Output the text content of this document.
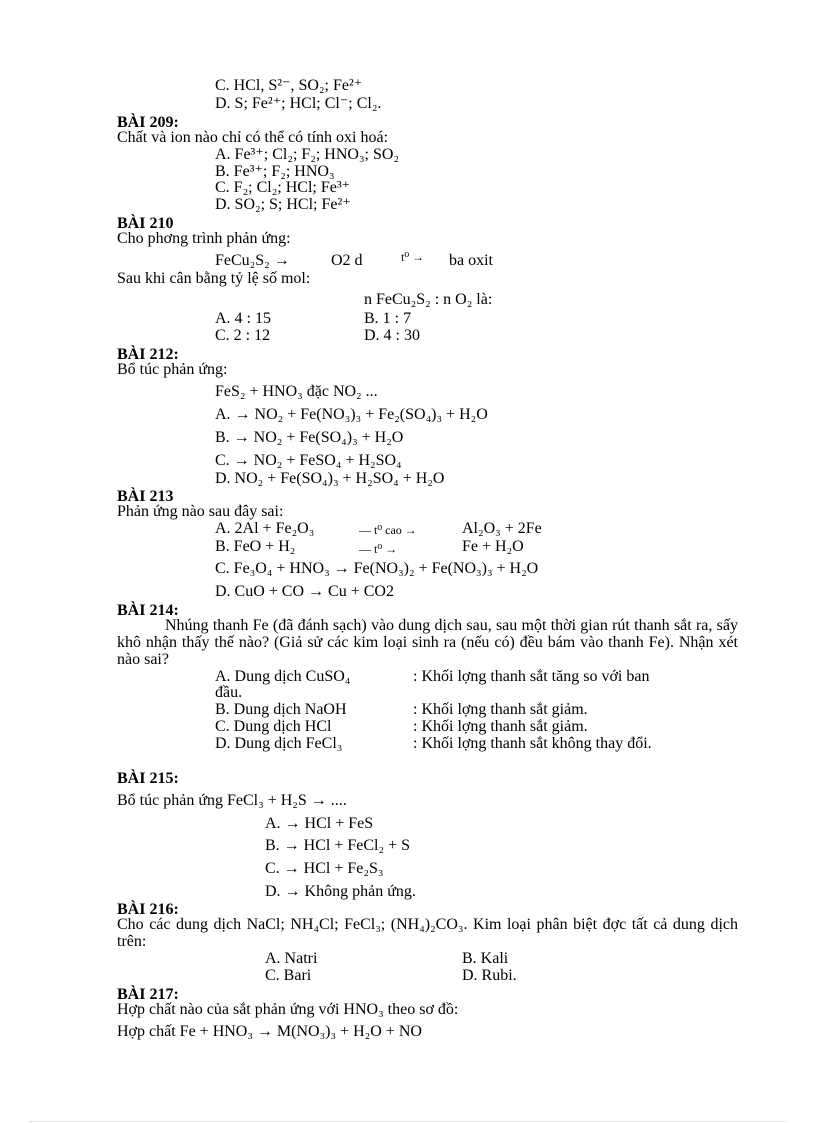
C. HCl, S²⁻, SO₂; Fe²⁺
D. S; Fe²⁺; HCl; Cl⁻; Cl₂.
BÀI 209:
Chất và ion nào chỉ có thể có tính oxi hoá:
A. Fe³⁺; Cl₂; F₂; HNO₃; SO₂
B. Fe³⁺; F₂; HNO₃
C. F₂; Cl₂; HCl; Fe³⁺
D. SO₂; S; HCl; Fe²⁺
BÀI 210
Cho phơng trình phản ứng:
FeCu₂S₂ →	O2 d	t⁰ → ba oxit
Sau khi cân bằng tỷ lệ số mol:
n FeCu₂S₂ : n O₂ là:
A. 4 : 15	B. 1 : 7
C. 2 : 12	D. 4 : 30
BÀI 212:
Bổ túc phản ứng:
FeS₂ + HNO₃ đặc NO₂ ...
A. → NO₂ + Fe(NO₃)₃ + Fe₂(SO₄)₃ + H₂O
B. → NO₂ + Fe(SO₄)₃ + H₂O
C. → NO₂ + FeSO₄ + H₂SO₄
D. NO₂ + Fe(SO₄)₃ + H₂SO₄ + H₂O
BÀI 213
Phản ứng nào sau đây sai:
A. 2Al + Fe₂O₃	— t⁰ cao →	Al₂O₃ + 2Fe
B. FeO + H₂	— t⁰ →	Fe + H₂O
C. Fe₃O₄ + HNO₃ → Fe(NO₃)₂ + Fe(NO₃)₃ + H₂O
D. CuO + CO → Cu + CO2
BÀI 214:
Nhúng thanh Fe (đã đánh sạch) vào dung dịch sau, sau một thời gian rút thanh sắt ra, sấy khô nhận thấy thế nào? (Giả sử các kim loại sinh ra (nếu có) đều bám vào thanh Fe). Nhận xét nào sai?
A. Dung dịch CuSO₄	: Khối lợng thanh sắt tăng so với ban
đầu.
B. Dung dịch NaOH	: Khối lợng thanh sắt giảm.
C. Dung dịch HCl	: Khối lợng thanh sắt giảm.
D. Dung dịch FeCl₃	: Khối lợng thanh sắt không thay đổi.
BÀI 215:
Bổ túc phản ứng FeCl₃ + H₂S → ....
A. → HCl + FeS
B. → HCl + FeCl₂ + S
C. → HCl + Fe₂S₃
D. → Không phản ứng.
BÀI 216:
Cho các dung dịch NaCl; NH₄Cl; FeCl₃; (NH₄)₂CO₃. Kim loại phân biệt đợc tất cả dung dịch trên:
A. Natri	B. Kali
C. Bari	D. Rubi.
BÀI 217:
Hợp chất nào của sắt phản ứng với HNO₃ theo sơ đồ:
Hợp chất Fe + HNO₃ → M(NO₃)₃ + H₂O + NO
